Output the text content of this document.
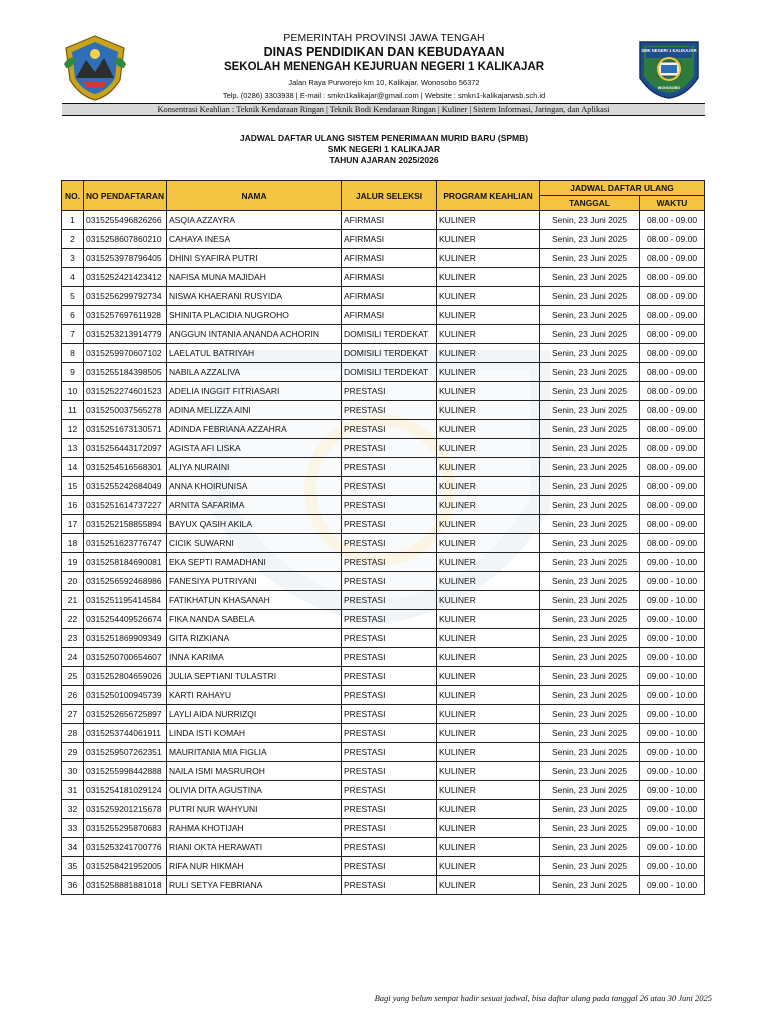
PEMERINTAH PROVINSI JAWA TENGAH
DINAS PENDIDIKAN DAN KEBUDAYAAN
SEKOLAH MENENGAH KEJURUAN NEGERI 1 KALIKAJAR
Jalan Raya Purworejo km 10, Kalikajar, Wonosobo 56372
Telp. (0286) 3303938 | E-mail : smkn1kalikajar@gmail.com | Website : smkn1-kalikajarwsb.sch.id
SMK NEGERI 1 KALIKAJAR
WONOSOBO
Konsentrasi Keahlian : Teknik Kendaraan Ringan | Teknik Bodi Kendaraan Ringan | Kuliner | Sistem Informasi, Jaringan, dan Aplikasi
JADWAL DAFTAR ULANG SISTEM PENERIMAAN MURID BARU (SPMB)
SMK NEGERI 1 KALIKAJAR
TAHUN AJARAN 2025/2026
NO.	NO PENDAFTARAN	NAMA	JALUR SELEKSI	PROGRAM KEAHLIAN	JADWAL DAFTAR ULANG	
					TANGGAL	WAKTU
1	0315255496826266	ASQIA AZZAYRA	AFIRMASI	KULINER	Senin, 23 Juni 2025	08.00 - 09.00
2	0315258607860210	CAHAYA INESA	AFIRMASI	KULINER	Senin, 23 Juni 2025	08.00 - 09.00
3	0315253978796405	DHINI SYAFIRA PUTRI	AFIRMASI	KULINER	Senin, 23 Juni 2025	08.00 - 09.00
4	0315252421423412	NAFISA MUNA MAJIDAH	AFIRMASI	KULINER	Senin, 23 Juni 2025	08.00 - 09.00
5	0315256299792734	NISWA KHAERANI RUSYIDA	AFIRMASI	KULINER	Senin, 23 Juni 2025	08.00 - 09.00
6	0315257697611928	SHINITA PLACIDIA NUGROHO	AFIRMASI	KULINER	Senin, 23 Juni 2025	08.00 - 09.00
7	0315253213914779	ANGGUN INTANIA ANANDA ACHORIN	DOMISILI TERDEKAT	KULINER	Senin, 23 Juni 2025	08.00 - 09.00
8	0315259970607102	LAELATUL BATRIYAH	DOMISILI TERDEKAT	KULINER	Senin, 23 Juni 2025	08.00 - 09.00
9	0315255184398505	NABILA AZZALIVA	DOMISILI TERDEKAT	KULINER	Senin, 23 Juni 2025	08.00 - 09.00
10	0315252274601523	ADELIA INGGIT FITRIASARI	PRESTASI	KULINER	Senin, 23 Juni 2025	08.00 - 09.00
11	0315250037565278	ADINA MELIZZA AINI	PRESTASI	KULINER	Senin, 23 Juni 2025	08.00 - 09.00
12	0315251673130571	ADINDA FEBRIANA AZZAHRA	PRESTASI	KULINER	Senin, 23 Juni 2025	08.00 - 09.00
13	0315256443172097	AGISTA AFI LISKA	PRESTASI	KULINER	Senin, 23 Juni 2025	08.00 - 09.00
14	0315254516568301	ALIYA NURAINI	PRESTASI	KULINER	Senin, 23 Juni 2025	08.00 - 09.00
15	0315255242684049	ANNA KHOIRUNISA	PRESTASI	KULINER	Senin, 23 Juni 2025	08.00 - 09.00
16	0315251614737227	ARNITA SAFARIMA	PRESTASI	KULINER	Senin, 23 Juni 2025	08.00 - 09.00
17	0315252158855894	BAYUX QASIH AKILA	PRESTASI	KULINER	Senin, 23 Juni 2025	08.00 - 09.00
18	0315251623776747	CICIK SUWARNI	PRESTASI	KULINER	Senin, 23 Juni 2025	08.00 - 09.00
19	0315258184690081	EKA SEPTI RAMADHANI	PRESTASI	KULINER	Senin, 23 Juni 2025	09.00 - 10.00
20	0315256592468986	FANESIYA PUTRIYANI	PRESTASI	KULINER	Senin, 23 Juni 2025	09.00 - 10.00
21	0315251195414584	FATIKHATUN KHASANAH	PRESTASI	KULINER	Senin, 23 Juni 2025	09.00 - 10.00
22	0315254409526674	FIKA NANDA SABELA	PRESTASI	KULINER	Senin, 23 Juni 2025	09.00 - 10.00
23	0315251869909349	GITA RIZKIANA	PRESTASI	KULINER	Senin, 23 Juni 2025	09.00 - 10.00
24	0315250700654607	INNA KARIMA	PRESTASI	KULINER	Senin, 23 Juni 2025	09.00 - 10.00
25	0315252804659026	JULIA SEPTIANI TULASTRI	PRESTASI	KULINER	Senin, 23 Juni 2025	09.00 - 10.00
26	0315250100945739	KARTI RAHAYU	PRESTASI	KULINER	Senin, 23 Juni 2025	09.00 - 10.00
27	0315252656725897	LAYLI AIDA NURRIZQI	PRESTASI	KULINER	Senin, 23 Juni 2025	09.00 - 10.00
28	0315253744061911	LINDA ISTI KOMAH	PRESTASI	KULINER	Senin, 23 Juni 2025	09.00 - 10.00
29	0315259507262351	MAURITANIA MIA FIGLIA	PRESTASI	KULINER	Senin, 23 Juni 2025	09.00 - 10.00
30	0315255998442888	NAILA ISMI MASRUROH	PRESTASI	KULINER	Senin, 23 Juni 2025	09.00 - 10.00
31	0315254181029124	OLIVIA DITA AGUSTINA	PRESTASI	KULINER	Senin, 23 Juni 2025	09.00 - 10.00
32	0315259201215678	PUTRI NUR WAHYUNI	PRESTASI	KULINER	Senin, 23 Juni 2025	09.00 - 10.00
33	0315255295870683	RAHMA KHOTIJAH	PRESTASI	KULINER	Senin, 23 Juni 2025	09.00 - 10.00
34	0315253241700776	RIANI OKTA HERAWATI	PRESTASI	KULINER	Senin, 23 Juni 2025	09.00 - 10.00
35	0315258421952005	RIFA NUR HIKMAH	PRESTASI	KULINER	Senin, 23 Juni 2025	09.00 - 10.00
36	0315258881881018	RULI SETYA FEBRIANA	PRESTASI	KULINER	Senin, 23 Juni 2025	09.00 - 10.00
Bagi yang belum sempat hadir sesuai jadwal, bisa daftar ulang pada tanggal 26 atau 30 Juni 2025
